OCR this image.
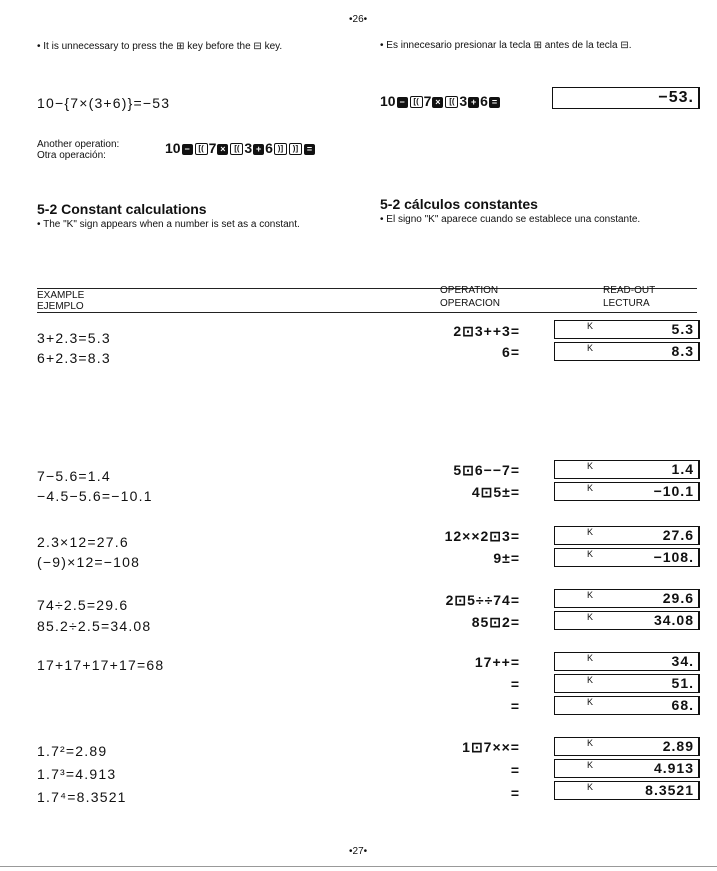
•26•
• It is unnecessary to press the ⊞ key before the ⊟ key.	• Es innecesario presionar la tecla ⊞ antes de la tecla ⊟.
10−{7×(3+6)}=−53	10 − [( 7 × [( 3 + 6 =	−53.
Another operation:
Otra operación:	10 − [( 7 × [( 3 + 6 )] )] =
5-2 Constant calculations
• The "K" sign appears when a number is set as a constant.
5-2 cálculos constantes
• El signo "K" aparece cuando se establece una constante.
EXAMPLE
EJEMPLO
OPERATION
OPERACION
READ-OUT
LECTURA
3+2.3=5.3	2⊡3++3=	K	5.3
6+2.3=8.3	6=	K	8.3
7−5.6=1.4	5⊡6−−7=	K	1.4
−4.5−5.6=−10.1	4⊡5±=	K	−10.1
2.3×12=27.6	12××2⊡3=	K	27.6
(−9)×12=−108	9±=	K	−108.
74÷2.5=29.6	2⊡5÷÷74=	K	29.6
85.2÷2.5=34.08	85⊡2=	K	34.08
17+17+17+17=68	17++=	K	34.
=	K	51.
=	K	68.
1.7²=2.89	1⊡7××=	K	2.89
1.7³=4.913	=	K	4.913
1.7⁴=8.3521	=	K	8.3521
•27•
